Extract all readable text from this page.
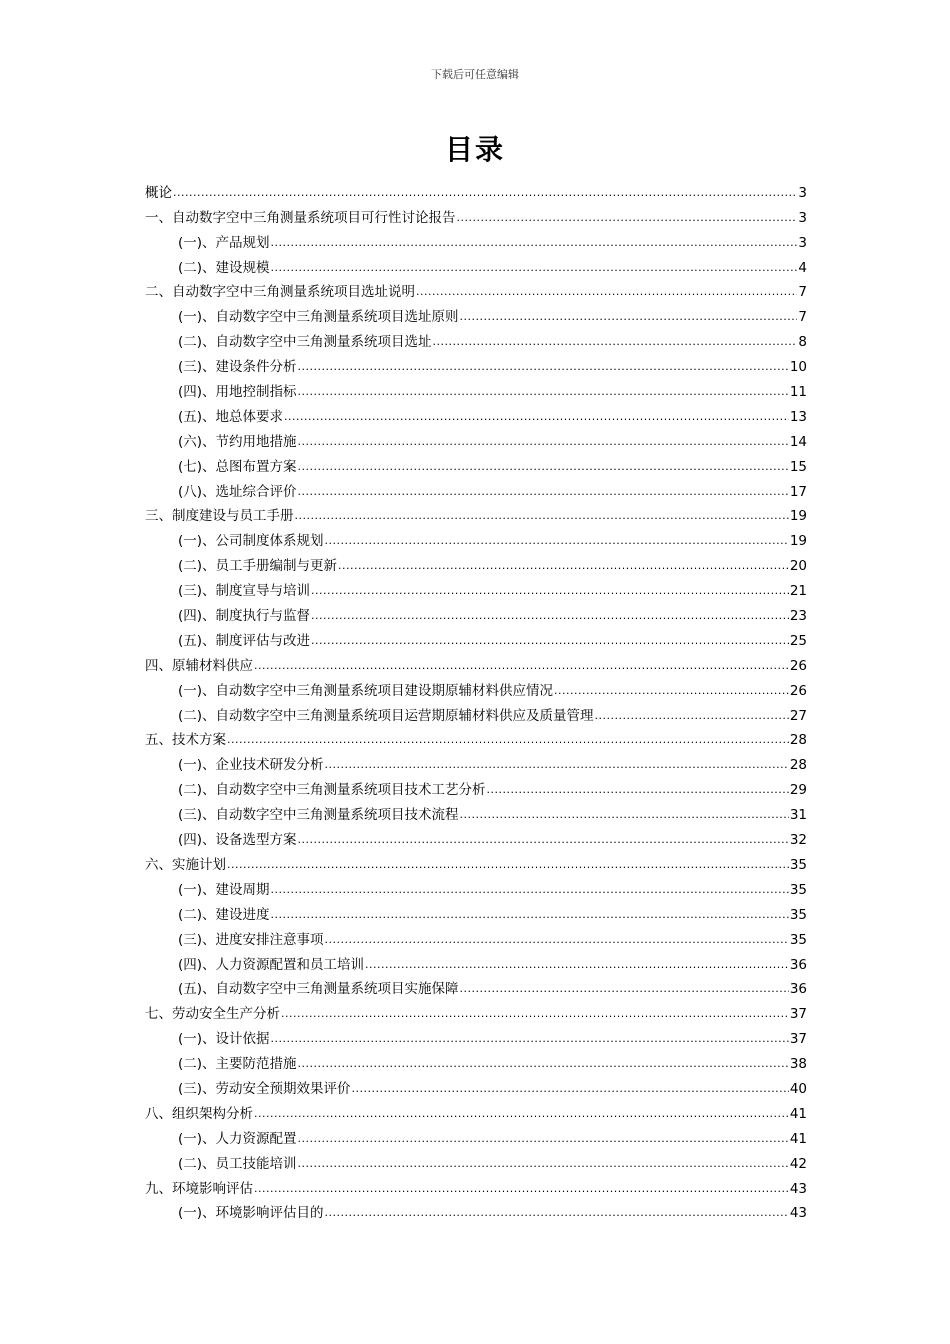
下载后可任意编辑
目录
概论 .....	3
一、自动数字空中三角测量系统项目可行性讨论报告 .....	3
(一)、产品规划 .....	3
(二)、建设规模 .....	4
二、自动数字空中三角测量系统项目选址说明 .....	7
(一)、自动数字空中三角测量系统项目选址原则 .....	7
(二)、自动数字空中三角测量系统项目选址 .....	8
(三)、建设条件分析 .....	10
(四)、用地控制指标 .....	11
(五)、地总体要求 .....	13
(六)、节约用地措施 .....	14
(七)、总图布置方案 .....	15
(八)、选址综合评价 .....	17
三、制度建设与员工手册 .....	19
(一)、公司制度体系规划 .....	19
(二)、员工手册编制与更新 .....	20
(三)、制度宣导与培训 .....	21
(四)、制度执行与监督 .....	23
(五)、制度评估与改进 .....	25
四、原辅材料供应 .....	26
(一)、自动数字空中三角测量系统项目建设期原辅材料供应情况 .....	26
(二)、自动数字空中三角测量系统项目运营期原辅材料供应及质量管理 .....	27
五、技术方案 .....	28
(一)、企业技术研发分析 .....	28
(二)、自动数字空中三角测量系统项目技术工艺分析 .....	29
(三)、自动数字空中三角测量系统项目技术流程 .....	31
(四)、设备选型方案 .....	32
六、实施计划 .....	35
(一)、建设周期 .....	35
(二)、建设进度 .....	35
(三)、进度安排注意事项 .....	35
(四)、人力资源配置和员工培训 .....	36
(五)、自动数字空中三角测量系统项目实施保障 .....	36
七、劳动安全生产分析 .....	37
(一)、设计依据 .....	37
(二)、主要防范措施 .....	38
(三)、劳动安全预期效果评价 .....	40
八、组织架构分析 .....	41
(一)、人力资源配置 .....	41
(二)、员工技能培训 .....	42
九、环境影响评估 .....	43
(一)、环境影响评估目的 .....	43
